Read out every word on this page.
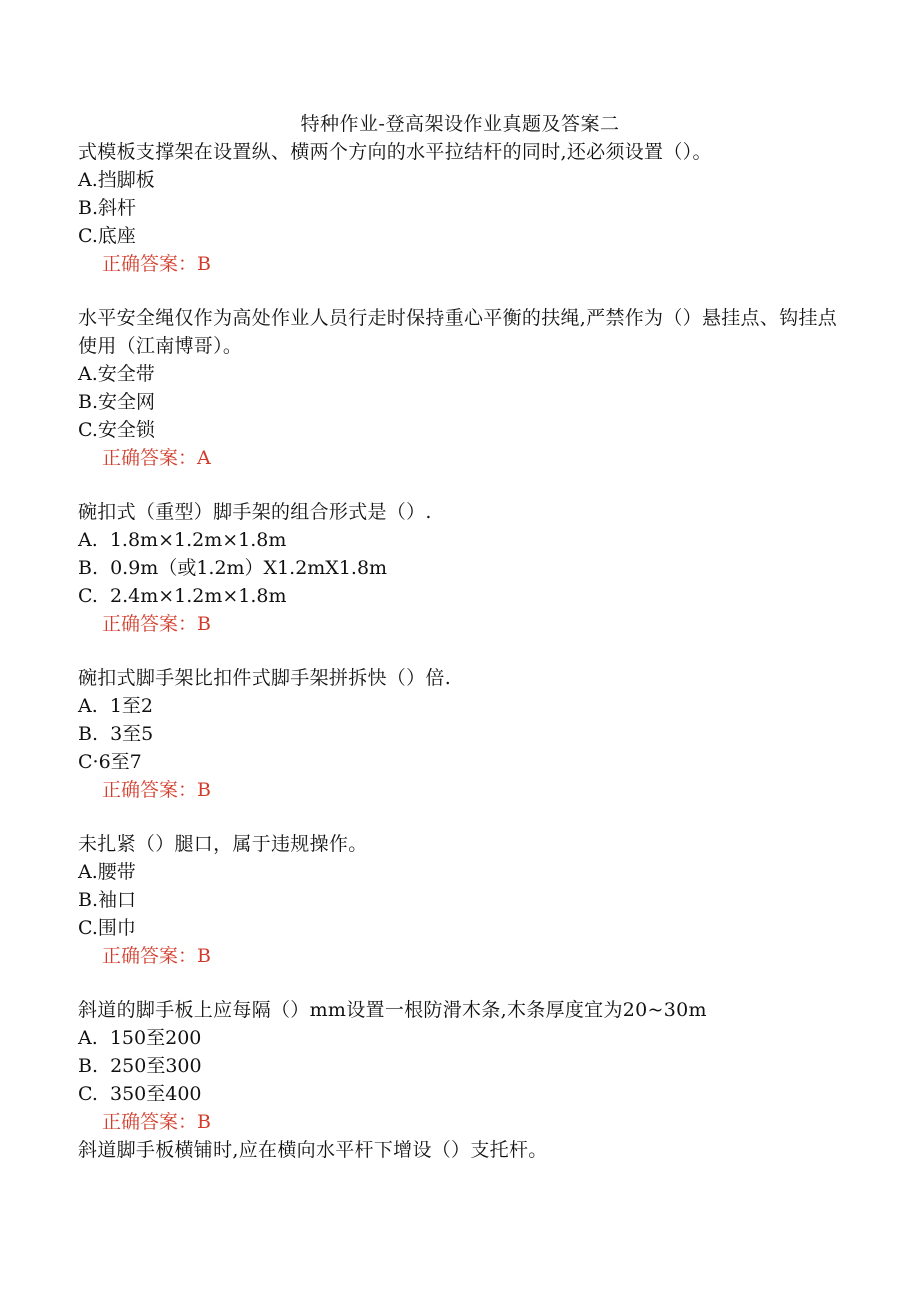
特种作业-登高架设作业真题及答案二
式模板支撑架在设置纵、横两个方向的水平拉结杆的同时,还必须设置（）。
A.挡脚板
B.斜杆
C.底座
正确答案：B
水平安全绳仅作为高处作业人员行走时保持重心平衡的扶绳,严禁作为（）悬挂点、钩挂点使用（江南博哥）。
A.安全带
B.安全网
C.安全锁
正确答案：A
碗扣式（重型）脚手架的组合形式是（）.
A.  1.8m×1.2m×1.8m
B.  0.9m（或1.2m）X1.2mX1.8m
C.  2.4m×1.2m×1.8m
正确答案：B
碗扣式脚手架比扣件式脚手架拼拆快（）倍.
A.  1至2
B.  3至5
C·6至7
正确答案：B
未扎紧（）腿口，属于违规操作。
A.腰带
B.袖口
C.围巾
正确答案：B
斜道的脚手板上应每隔（）mm设置一根防滑木条,木条厚度宜为20~30m
A.  150至200
B.  250至300
C.  350至400
正确答案：B
斜道脚手板横铺时,应在横向水平杆下增设（）支托杆。
